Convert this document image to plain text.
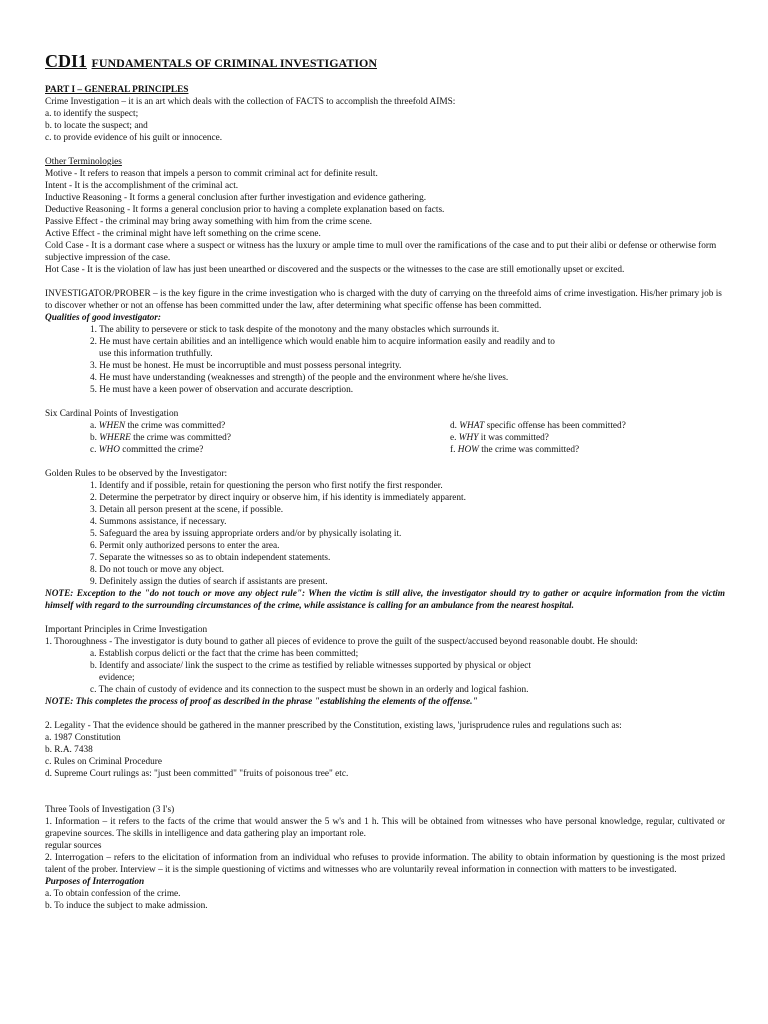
CDI1 FUNDAMENTALS OF CRIMINAL INVESTIGATION

PART I – GENERAL PRINCIPLES

Crime Investigation – it is an art which deals with the collection of FACTS to accomplish the threefold AIMS:

a. to identify the suspect;

b. to locate the suspect; and

c. to provide evidence of his guilt or innocence.

Other Terminologies

Motive - It refers to reason that impels a person to commit criminal act for definite result.

Intent - It is the accomplishment of the criminal act.

Inductive Reasoning - It forms a general conclusion after further investigation and evidence gathering.

Deductive Reasoning - It forms a general conclusion prior to having a complete explanation based on facts.

Passive Effect - the criminal may bring away something with him from the crime scene.

Active Effect - the criminal might have left something on the crime scene.

Cold Case - It is a dormant case where a suspect or witness has the luxury or ample time to mull over the ramifications of the case and to put their alibi or defense or otherwise form subjective impression of the case.

Hot Case - It is the violation of law has just been unearthed or discovered and the suspects or the witnesses to the case are still emotionally upset or excited.

INVESTIGATOR/PROBER – is the key figure in the crime investigation who is charged with the duty of carrying on the threefold aims of crime investigation. His/her primary job is to discover whether or not an offense has been committed under the law, after determining what specific offense has been committed.

Qualities of good investigator:

1. The ability to persevere or stick to task despite of the monotony and the many obstacles which surrounds it.

2. He must have certain abilities and an intelligence which would enable him to acquire information easily and readily and to

use this information truthfully.

3. He must be honest. He must be incorruptible and must possess personal integrity.

4. He must have understanding (weaknesses and strength) of the people and the environment where he/she lives.

5. He must have a keen power of observation and accurate description.

Six Cardinal Points of Investigation

a. WHEN the crime was committed?

b. WHERE the crime was committed?

c. WHO committed the crime?

d. WHAT specific offense has been committed?

e. WHY it was committed?

f. HOW the crime was committed?

Golden Rules to be observed by the Investigator:

1. Identify and if possible, retain for questioning the person who first notify the first responder.

2. Determine the perpetrator by direct inquiry or observe him, if his identity is immediately apparent.

3. Detain all person present at the scene, if possible.

4. Summons assistance, if necessary.

5. Safeguard the area by issuing appropriate orders and/or by physically isolating it.

6. Permit only authorized persons to enter the area.

7. Separate the witnesses so as to obtain independent statements.

8. Do not touch or move any object.

9. Definitely assign the duties of search if assistants are present.

NOTE: Exception to the "do not touch or move any object rule": When the victim is still alive, the investigator should try to gather or acquire information from the victim himself with regard to the surrounding circumstances of the crime, while assistance is calling for an ambulance from the nearest hospital.

Important Principles in Crime Investigation

1. Thoroughness - The investigator is duty bound to gather all pieces of evidence to prove the guilt of the suspect/accused beyond reasonable doubt. He should:

a. Establish corpus delicti or the fact that the crime has been committed;

b. Identify and associate/ link the suspect to the crime as testified by reliable witnesses supported by physical or object

evidence;

c. The chain of custody of evidence and its connection to the suspect must be shown in an orderly and logical fashion.

NOTE: This completes the process of proof as described in the phrase "establishing the elements of the offense."

2. Legality - That the evidence should be gathered in the manner prescribed by the Constitution, existing laws, 'jurisprudence rules and regulations such as:

a. 1987 Constitution

b. R.A. 7438

c. Rules on Criminal Procedure

d. Supreme Court rulings as: "just been committed" "fruits of poisonous tree" etc.

Three Tools of Investigation (3 I's)

1. Information – it refers to the facts of the crime that would answer the 5 w's and 1 h. This will be obtained from witnesses who have personal knowledge, regular, cultivated or grapevine sources. The skills in intelligence and data gathering play an important role.

regular sources

2. Interrogation – refers to the elicitation of information from an individual who refuses to provide information. The ability to obtain information by questioning is the most prized talent of the prober. Interview – it is the simple questioning of victims and witnesses who are voluntarily reveal information in connection with matters to be investigated.

Purposes of Interrogation

a. To obtain confession of the crime.

b. To induce the subject to make admission.
